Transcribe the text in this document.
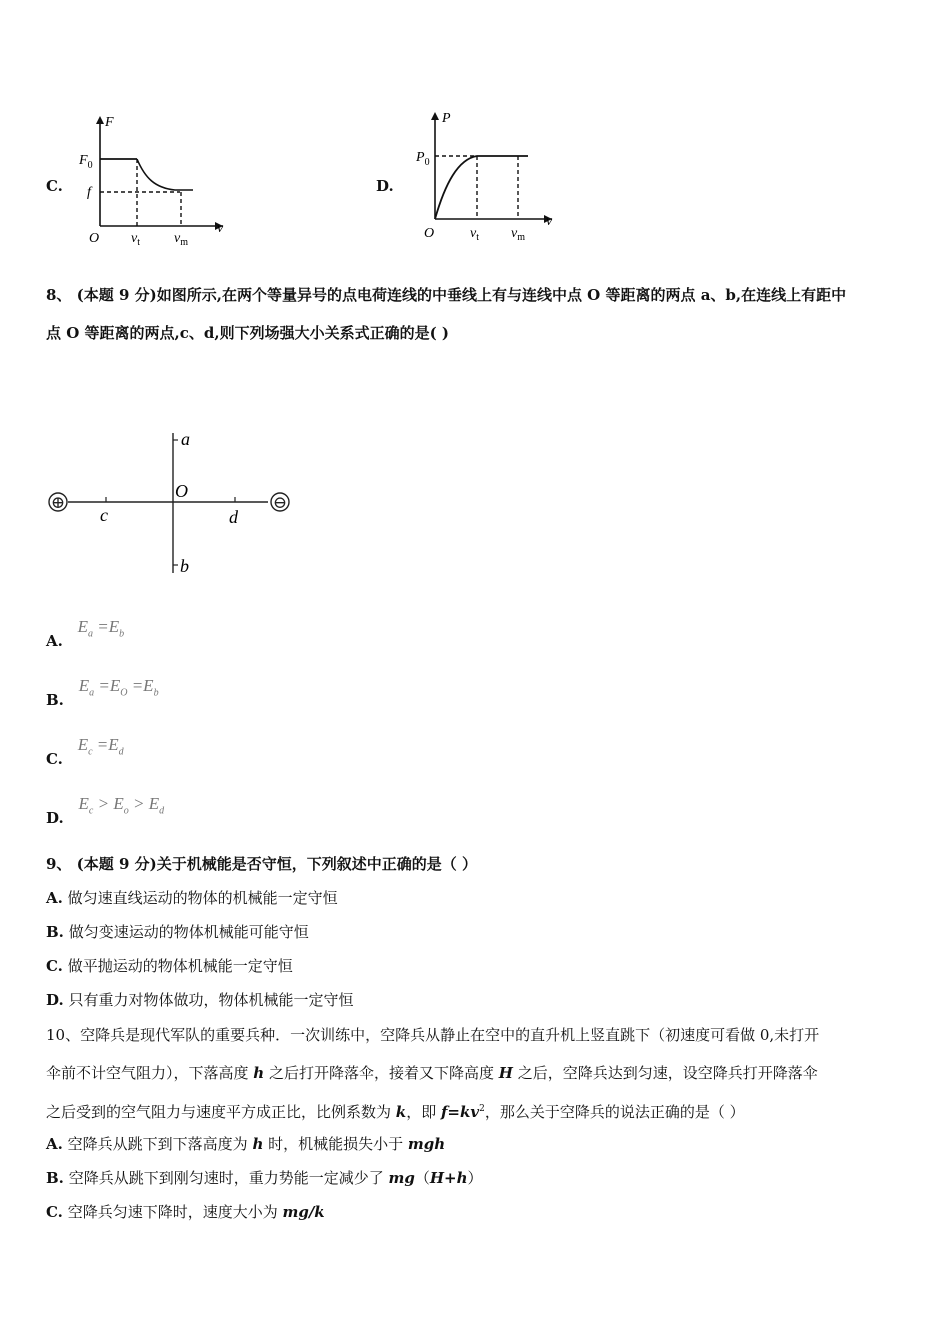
C.
F
v
O
$F_0$
f
$v_t$ $v_m$
D.
P
v
O
$P_0$
$v_t$ $v_m$
8、 (本题 9 分)如图所示,在两个等量异号的点电荷连线的中垂线上有与连线中点 O 等距离的两点 a、b,在连线上有距中
点 O 等距离的两点,c、d,则下列场强大小关系式正确的是( )
⊕	⊖
a
b
O
c	d
A. $E_a =E_b$
B. $E_a =E_O =E_b$
C. $E_c =E_d$
D. $E_c > E_o > E_d$
9、 (本题 9 分)关于机械能是否守恒，下列叙述中正确的是（ ）
A. 做匀速直线运动的物体的机械能一定守恒
B. 做匀变速运动的物体机械能可能守恒
C. 做平抛运动的物体机械能一定守恒
D. 只有重力对物体做功，物体机械能一定守恒
10、空降兵是现代军队的重要兵种．一次训练中，空降兵从静止在空中的直升机上竖直跳下（初速度可看做 0,未打开
伞前不计空气阻力），下落高度 h 之后打开降落伞，接着又下降高度 H 之后，空降兵达到匀速，设空降兵打开降落伞
之后受到的空气阻力与速度平方成正比，比例系数为 k，即 $f=kv^2$，那么关于空降兵的说法正确的是（ ）
A. 空降兵从跳下到下落高度为 h 时，机械能损失小于 mgh
B. 空降兵从跳下到刚匀速时，重力势能一定减少了 mg（H+h）
C. 空降兵匀速下降时，速度大小为 mg/k
